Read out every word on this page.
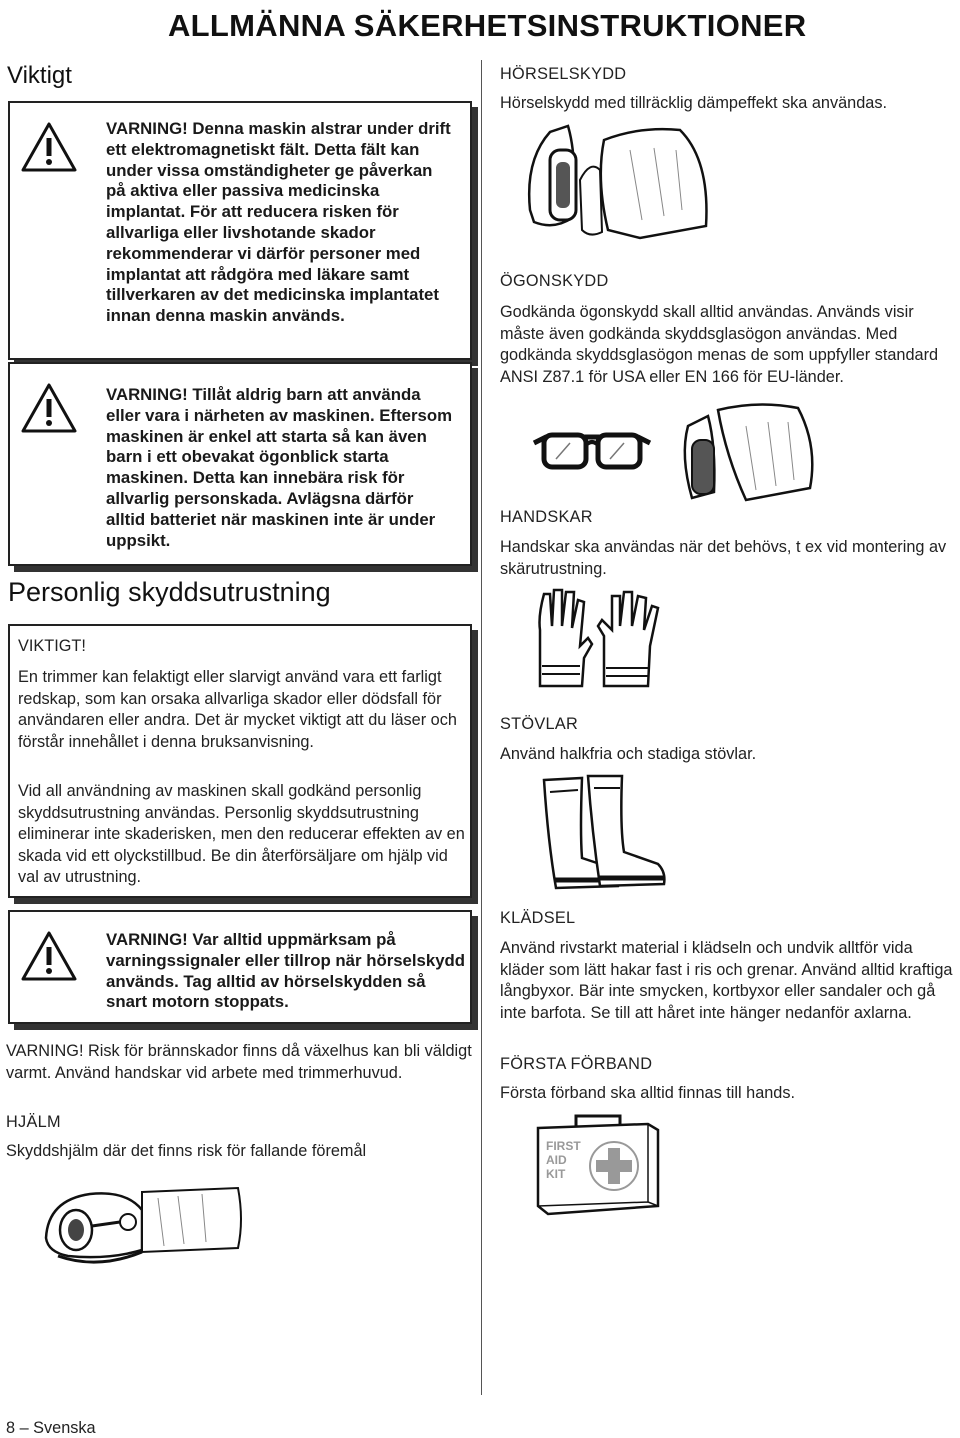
ALLMÄNNA SÄKERHETSINSTRUKTIONER
Viktigt
VARNING! Denna maskin alstrar under drift ett elektromagnetiskt fält. Detta fält kan under vissa omständigheter ge påverkan på aktiva eller passiva medicinska implantat. För att reducera risken för allvarliga eller livshotande skador rekommenderar vi därför personer med implantat att rådgöra med läkare samt tillverkaren av det medicinska implantatet innan denna maskin används.
VARNING! Tillåt aldrig barn att använda eller vara i närheten av maskinen. Eftersom maskinen är enkel att starta så kan även barn i ett obevakat ögonblick starta maskinen. Detta kan innebära risk för allvarlig personskada. Avlägsna därför alltid batteriet när maskinen inte är under uppsikt.
Personlig skyddsutrustning
VIKTIGT!

En trimmer kan felaktigt eller slarvigt använd vara ett farligt redskap, som kan orsaka allvarliga skador eller dödsfall för användaren eller andra. Det är mycket viktigt att du läser och förstår innehållet i denna bruksanvisning.

Vid all användning av maskinen skall godkänd personlig skyddsutrustning användas. Personlig skyddsutrustning eliminerar inte skaderisken, men den reducerar effekten av en skada vid ett olyckstillbud. Be din återförsäljare om hjälp vid val av utrustning.

VARNING! Var alltid uppmärksam på varningssignaler eller tillrop när hörselskydd används. Tag alltid av hörselskydden så snart motorn stoppats.

VARNING! Risk för brännskador finns då växelhus kan bli väldigt varmt. Använd handskar vid arbete med trimmerhuvud.

HJÄLM

Skyddshjälm där det finns risk för fallande föremål

8 – Svenska
HÖRSELSKYDD

Hörselskydd med tillräcklig dämpeffekt ska användas.

ÖGONSKYDD

Godkända ögonskydd skall alltid användas. Används visir måste även godkända skyddsglasögon användas. Med godkända skyddsglasögon menas de som uppfyller standard ANSI Z87.1 för USA eller EN 166 för EU-länder.

HANDSKAR

Handskar ska användas när det behövs, t ex vid montering av skärutrustning.

STÖVLAR

Använd halkfria och stadiga stövlar.

KLÄDSEL

Använd rivstarkt material i klädseln och undvik alltför vida kläder som lätt hakar fast i ris och grenar. Använd alltid kraftiga långbyxor. Bär inte smycken, kortbyxor eller sandaler och gå inte barfota. Se till att håret inte hänger nedanför axlarna.

FÖRSTA FÖRBAND

Första förband ska alltid finnas till hands.

FIRST
AID
KIT
